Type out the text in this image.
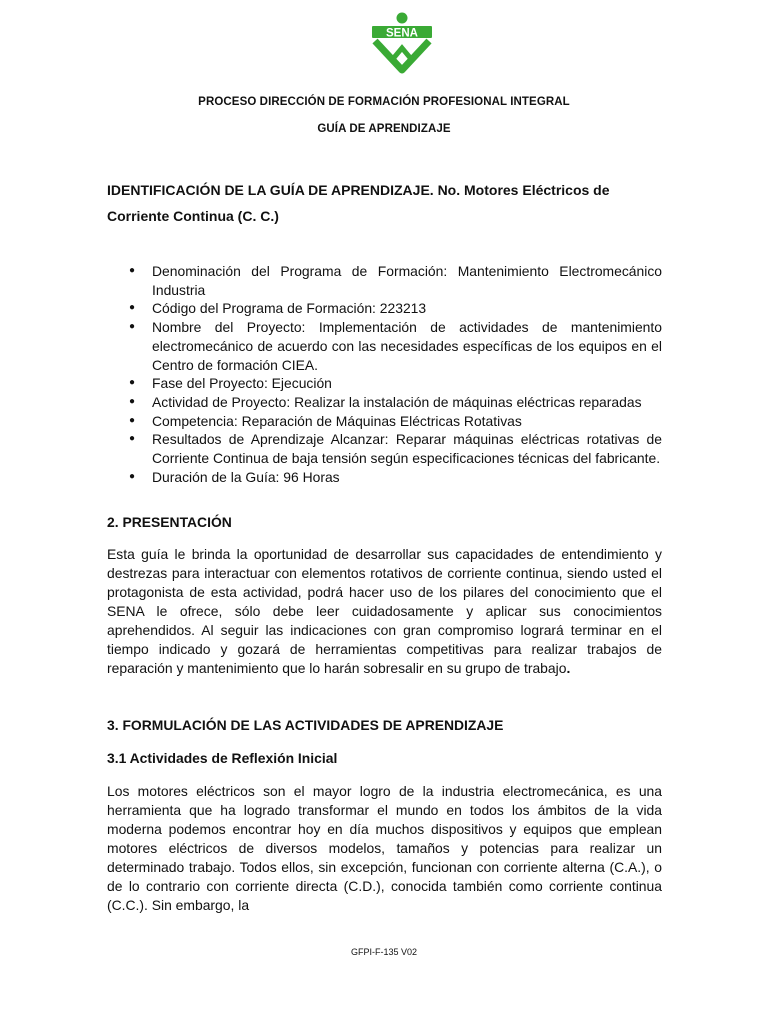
SENA
PROCESO DIRECCIÓN DE FORMACIÓN PROFESIONAL INTEGRAL
GUÍA DE APRENDIZAJE
IDENTIFICACIÓN DE LA GUÍA DE APRENDIZAJE. No. Motores Eléctricos de
Corriente Continua (C. C.)
● Denominación del Programa de Formación: Mantenimiento Electromecánico Industria
● Código del Programa de Formación: 223213
● Nombre del Proyecto: Implementación de actividades de mantenimiento electromecánico de acuerdo con las necesidades específicas de los equipos en el Centro de formación CIEA.
● Fase del Proyecto: Ejecución
● Actividad de Proyecto: Realizar la instalación de máquinas eléctricas reparadas
● Competencia: Reparación de Máquinas Eléctricas Rotativas
● Resultados de Aprendizaje Alcanzar: Reparar máquinas eléctricas rotativas de Corriente Continua de baja tensión según especificaciones técnicas del fabricante.
● Duración de la Guía: 96 Horas
2. PRESENTACIÓN

Esta guía le brinda la oportunidad de desarrollar sus capacidades de entendimiento y destrezas para interactuar con elementos rotativos de corriente continua, siendo usted el protagonista de esta actividad, podrá hacer uso de los pilares del conocimiento que el SENA le ofrece, sólo debe leer cuidadosamente y aplicar sus conocimientos aprehendidos. Al seguir las indicaciones con gran compromiso logrará terminar en el tiempo indicado y gozará de herramientas competitivas para realizar trabajos de reparación y mantenimiento que lo harán sobresalir en su grupo de trabajo.

3. FORMULACIÓN DE LAS ACTIVIDADES DE APRENDIZAJE
3.1 Actividades de Reflexión Inicial

Los motores eléctricos son el mayor logro de la industria electromecánica, es una herramienta que ha logrado transformar el mundo en todos los ámbitos de la vida moderna podemos encontrar hoy en día muchos dispositivos y equipos que emplean motores eléctricos de diversos modelos, tamaños y potencias para realizar un determinado trabajo. Todos ellos, sin excepción, funcionan con corriente alterna (C.A.), o de lo contrario con corriente directa (C.D.), conocida también como corriente continua (C.C.). Sin embargo, la

GFPI-F-135 V02
